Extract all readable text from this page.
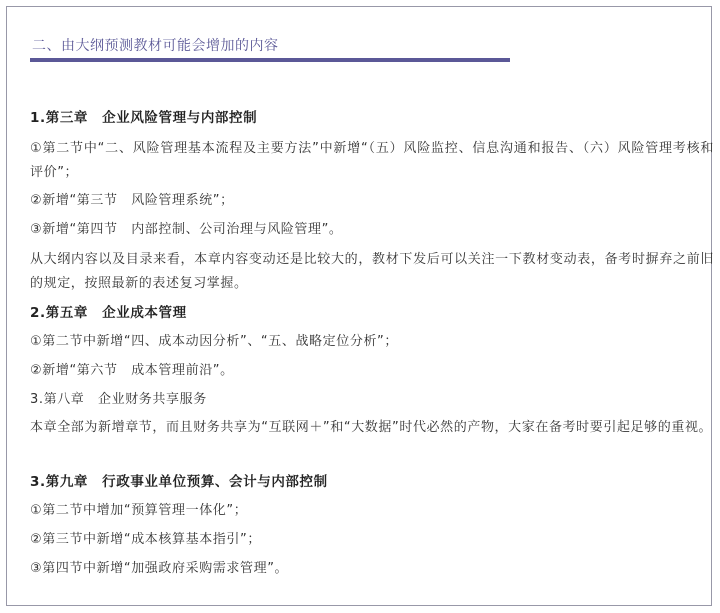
二、由大纲预测教材可能会增加的内容
1.第三章　企业风险管理与内部控制
①第二节中“二、风险管理基本流程及主要方法”中新增“（五）风险监控、信息沟通和报告、（六）风险管理考核和评价”；
②新增“第三节　风险管理系统”；
③新增“第四节　内部控制、公司治理与风险管理”。
从大纲内容以及目录来看，本章内容变动还是比较大的，教材下发后可以关注一下教材变动表，备考时摒弃之前旧的规定，按照最新的表述复习掌握。
2.第五章　企业成本管理
①第二节中新增“四、成本动因分析”、“五、战略定位分析”；
②新增“第六节　成本管理前沿”。
3.第八章　企业财务共享服务
本章全部为新增章节，而且财务共享为“互联网＋”和“大数据”时代必然的产物，大家在备考时要引起足够的重视。
3.第九章　行政事业单位预算、会计与内部控制
①第二节中增加“预算管理一体化”；
②第三节中新增“成本核算基本指引”；
③第四节中新增“加强政府采购需求管理”。
